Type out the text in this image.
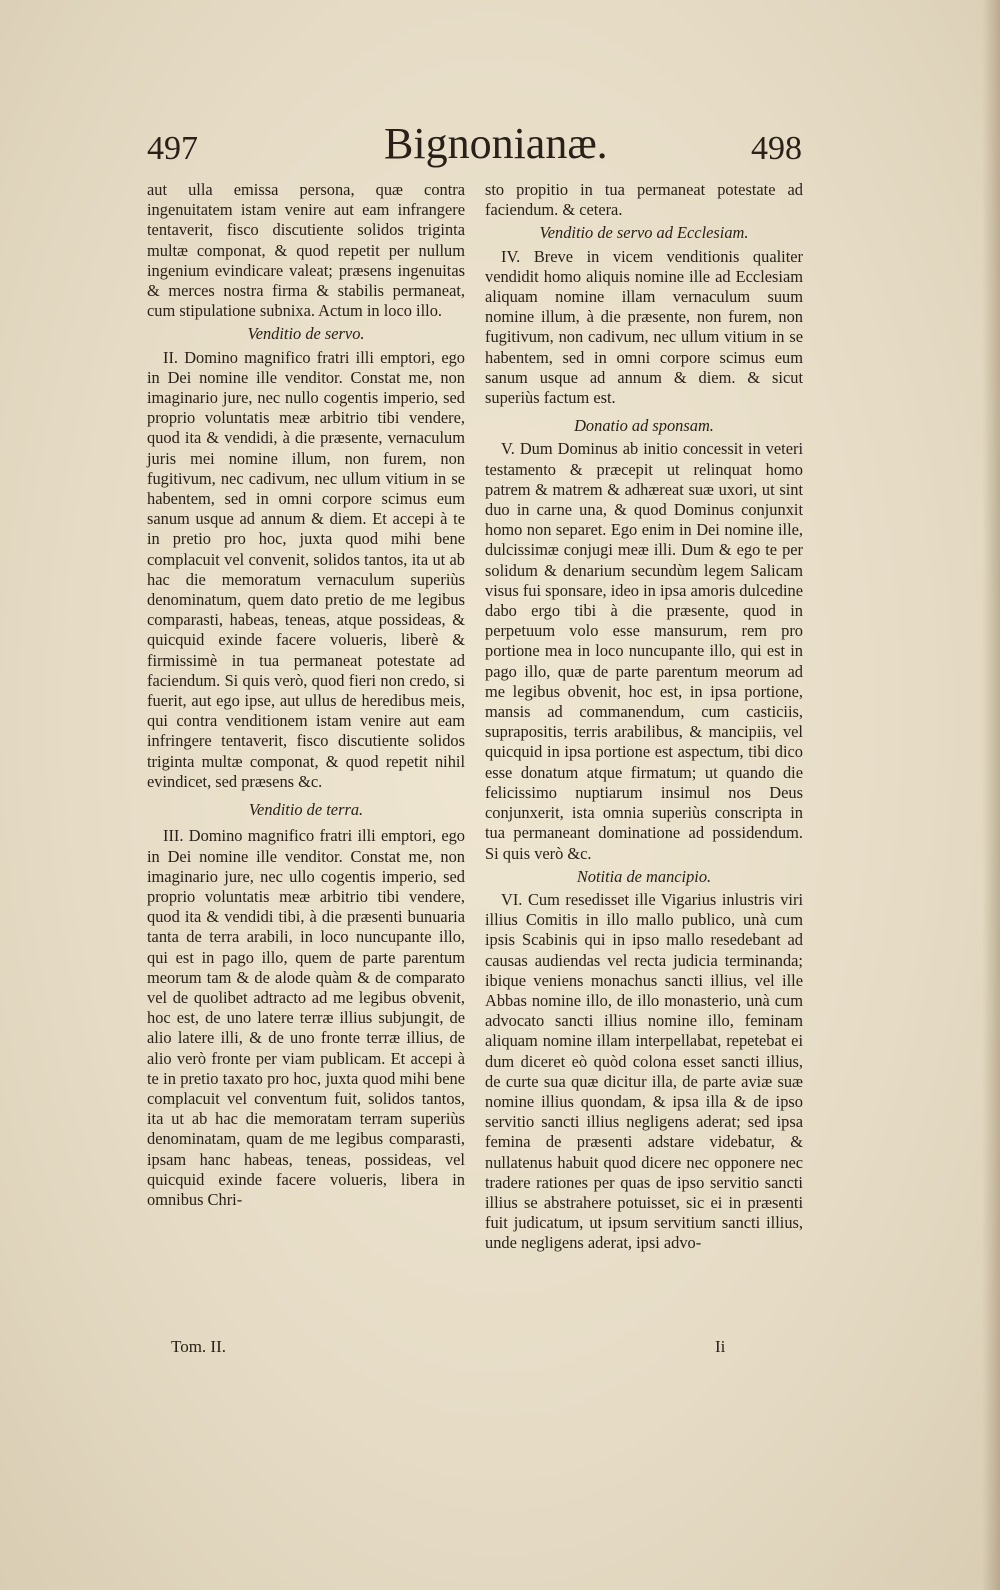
497	Bignonianæ.	498

aut ulla emissa persona, quæ contra ingenuitatem istam venire aut eam infrangere tentaverit, fisco discutiente solidos triginta multæ componat, & quod repetit per nullum ingenium evindicare valeat; præsens ingenuitas & merces nostra firma & stabilis permaneat, cum stipulatione subnixa. Actum in loco illo.

Venditio de servo.

II. Domino magnifico fratri illi emptori, ego in Dei nomine ille venditor. Constat me, non imaginario jure, nec nullo cogentis imperio, sed proprio voluntatis meæ arbitrio tibi vendere, quod ita & vendidi, à die præsente, vernaculum juris mei nomine illum, non furem, non fugitivum, nec cadivum, nec ullum vitium in se habentem, sed in omni corpore scimus eum sanum usque ad annum & diem. Et accepi à te in pretio pro hoc, juxta quod mihi bene complacuit vel convenit, solidos tantos, ita ut ab hac die memoratum vernaculum superiùs denominatum, quem dato pretio de me legibus comparasti, habeas, teneas, atque possideas, & quicquid exinde facere volueris, liberè & firmissimè in tua permaneat potestate ad faciendum. Si quis verò, quod fieri non credo, si fuerit, aut ego ipse, aut ullus de heredibus meis, qui contra venditionem istam venire aut eam infringere tentaverit, fisco discutiente solidos triginta multæ componat, & quod repetit nihil evindicet, sed præsens &c.

Venditio de terra.

III. Domino magnifico fratri illi emptori, ego in Dei nomine ille venditor. Constat me, non imaginario jure, nec ullo cogentis imperio, sed proprio voluntatis meæ arbitrio tibi vendere, quod ita & vendidi tibi, à die præsenti bunuaria tanta de terra arabili, in loco nuncupante illo, qui est in pago illo, quem de parte parentum meorum tam & de alode quàm & de comparato vel de quolibet adtracto ad me legibus obvenit, hoc est, de uno latere terræ illius subjungit, de alio latere illi, & de uno fronte terræ illius, de alio verò fronte per viam publicam. Et accepi à te in pretio taxato pro hoc, juxta quod mihi bene complacuit vel conventum fuit, solidos tantos, ita ut ab hac die memoratam terram superiùs denominatam, quam de me legibus comparasti, ipsam hanc habeas, teneas, possideas, vel quicquid exinde facere volueris, libera in omnibus Chri-

sto propitio in tua permaneat potestate ad faciendum. & cetera.

Venditio de servo ad Ecclesiam.

IV. Breve in vicem venditionis qualiter vendidit homo aliquis nomine ille ad Ecclesiam aliquam nomine illam vernaculum suum nomine illum, à die præsente, non furem, non fugitivum, non cadivum, nec ullum vitium in se habentem, sed in omni corpore scimus eum sanum usque ad annum & diem. & sicut superiùs factum est.

Donatio ad sponsam.

V. Dum Dominus ab initio concessit in veteri testamento & præcepit ut relinquat homo patrem & matrem & adhæreat suæ uxori, ut sint duo in carne una, & quod Dominus conjunxit homo non separet. Ego enim in Dei nomine ille, dulcissimæ conjugi meæ illi. Dum & ego te per solidum & denarium secundùm legem Salicam visus fui sponsare, ideo in ipsa amoris dulcedine dabo ergo tibi à die præsente, quod in perpetuum volo esse mansurum, rem pro portione mea in loco nuncupante illo, qui est in pago illo, quæ de parte parentum meorum ad me legibus obvenit, hoc est, in ipsa portione, mansis ad commanendum, cum casticiis, suprapositis, terris arabilibus, & mancipiis, vel quicquid in ipsa portione est aspectum, tibi dico esse donatum atque firmatum; ut quando die felicissimo nuptiarum insimul nos Deus conjunxerit, ista omnia superiùs conscripta in tua permaneant dominatione ad possidendum. Si quis verò &c.

Notitia de mancipio.

VI. Cum resedisset ille Vigarius inlustris viri illius Comitis in illo mallo publico, unà cum ipsis Scabinis qui in ipso mallo resedebant ad causas audiendas vel recta judicia terminanda; ibique veniens monachus sancti illius, vel ille Abbas nomine illo, de illo monasterio, unà cum advocato sancti illius nomine illo, feminam aliquam nomine illam interpellabat, repetebat ei dum diceret eò quòd colona esset sancti illius, de curte sua quæ dicitur illa, de parte aviæ suæ nomine illius quondam, & ipsa illa & de ipso servitio sancti illius negligens aderat; sed ipsa femina de præsenti adstare videbatur, & nullatenus habuit quod dicere nec opponere nec tradere rationes per quas de ipso servitio sancti illius se abstrahere potuisset, sic ei in præsenti fuit judicatum, ut ipsum servitium sancti illius, unde negligens aderat, ipsi advo-

Tom. II.	Ii
